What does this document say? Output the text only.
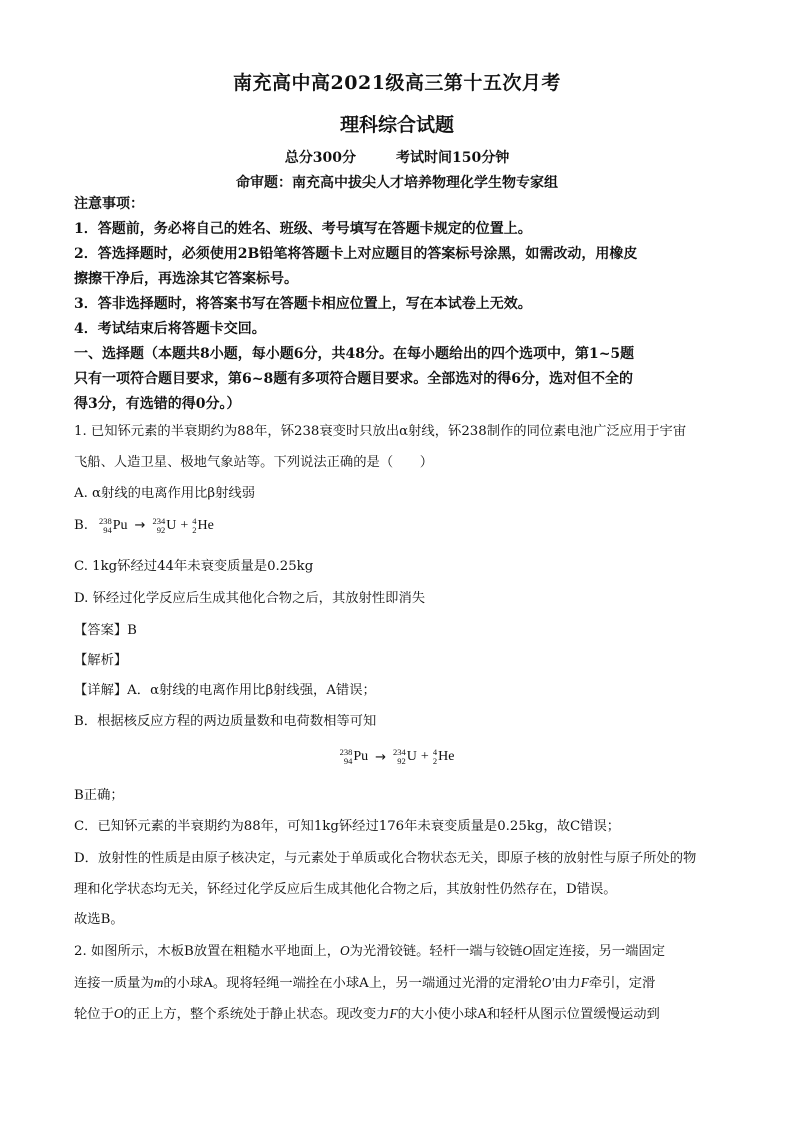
南充高中高2021级高三第十五次月考
理科综合试题
总分300分	考试时间150分钟
命审题：南充高中拔尖人才培养物理化学生物专家组
注意事项：
1．答题前，务必将自己的姓名、班级、考号填写在答题卡规定的位置上。
2．答选择题时，必须使用2B铅笔将答题卡上对应题目的答案标号涂黑，如需改动，用橡皮
擦擦干净后，再选涂其它答案标号。
3．答非选择题时，将答案书写在答题卡相应位置上，写在本试卷上无效。
4．考试结束后将答题卡交回。
一、选择题（本题共8小题，每小题6分，共48分。在每小题给出的四个选项中，第1~5题
只有一项符合题目要求，第6~8题有多项符合题目要求。全部选对的得6分，选对但不全的
得3分，有选错的得0分。）
1. 已知钚元素的半衰期约为88年，钚238衰变时只放出α射线，钚238制作的同位素电池广泛应用于宇宙
飞船、人造卫星、极地气象站等。下列说法正确的是（　　）
A. α射线的电离作用比β射线弱
B. 238
94 Pu → 234
92 U + 4
2 He
C. 1kg钚经过44年未衰变质量是0.25kg
D. 钚经过化学反应后生成其他化合物之后，其放射性即消失
【答案】B
【解析】
【详解】A．α射线的电离作用比β射线强，A错误；
B．根据核反应方程的两边质量数和电荷数相等可知
238
94 Pu → 234
92 U + 4
2 He
B正确；
C．已知钚元素的半衰期约为88年，可知1kg钚经过176年未衰变质量是0.25kg，故C错误；
D．放射性的性质是由原子核决定，与元素处于单质或化合物状态无关，即原子核的放射性与原子所处的物
理和化学状态均无关，钚经过化学反应后生成其他化合物之后，其放射性仍然存在，D错误。
故选B。
2. 如图所示，木板B放置在粗糙水平地面上，O为光滑铰链。轻杆一端与铰链O固定连接，另一端固定
连接一质量为m的小球A。现将轻绳一端拴在小球A上，另一端通过光滑的定滑轮O′由力F牵引，定滑
轮位于O的正上方，整个系统处于静止状态。现改变力F的大小使小球A和轻杆从图示位置缓慢运动到
